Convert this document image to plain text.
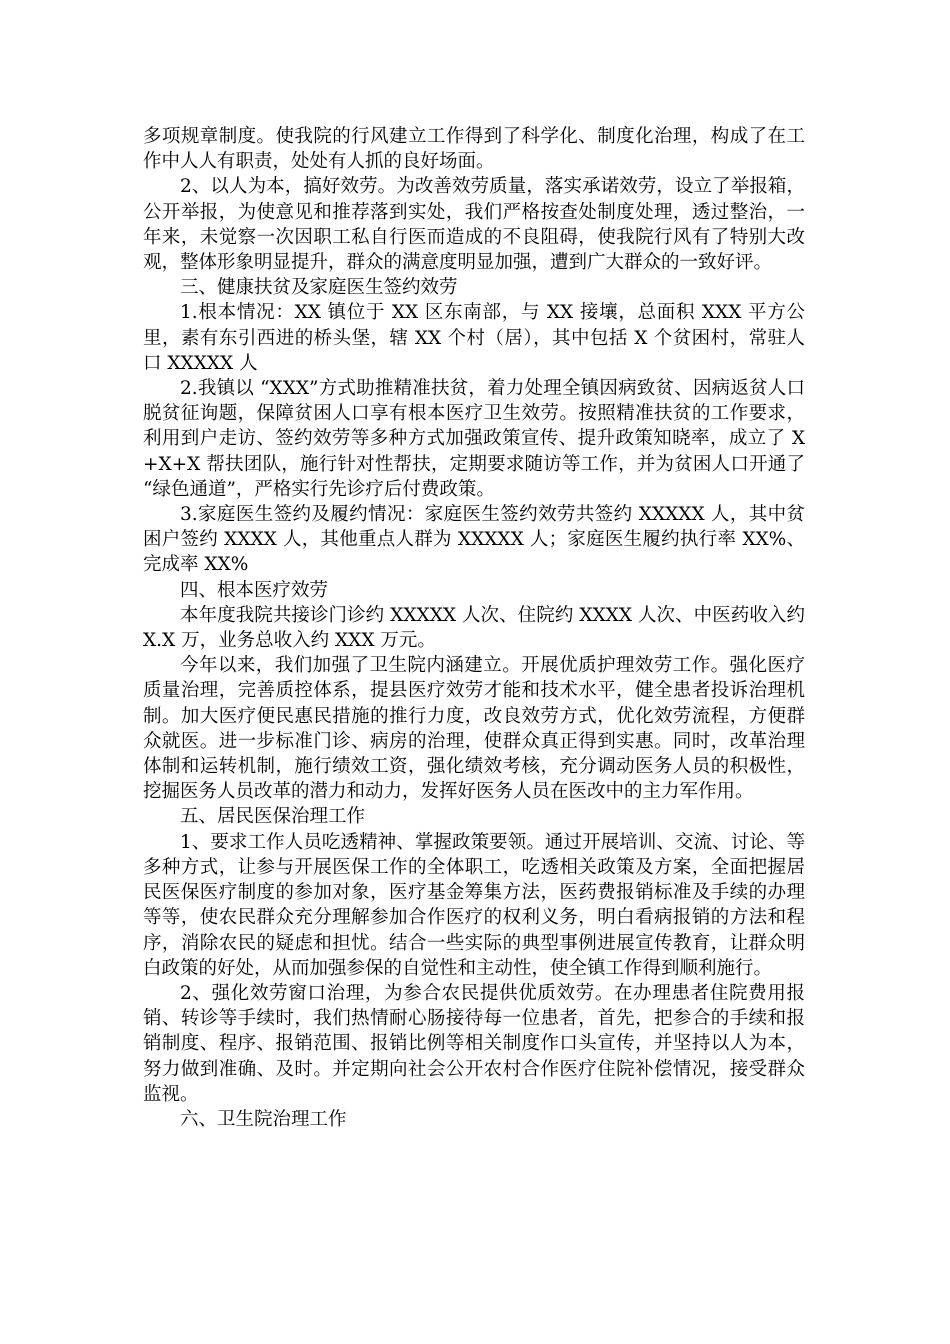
多项规章制度。使我院的行风建立工作得到了科学化、制度化治理，构成了在工作中人人有职责，处处有人抓的良好场面。

2、以人为本，搞好效劳。为改善效劳质量，落实承诺效劳，设立了举报箱，公开举报，为使意见和推荐落到实处，我们严格按查处制度处理，透过整治，一年来，未觉察一次因职工私自行医而造成的不良阻碍，使我院行风有了特别大改观，整体形象明显提升，群众的满意度明显加强，遭到广大群众的一致好评。

三、健康扶贫及家庭医生签约效劳

1.根本情况：XX 镇位于 XX 区东南部，与 XX 接壤，总面积 XXX 平方公里，素有东引西进的桥头堡，辖 XX 个村（居），其中包括 X 个贫困村，常驻人口 XXXXX 人

2.我镇以 “XXX”方式助推精准扶贫，着力处理全镇因病致贫、因病返贫人口脱贫征询题，保障贫困人口享有根本医疗卫生效劳。按照精准扶贫的工作要求，利用到户走访、签约效劳等多种方式加强政策宣传、提升政策知晓率，成立了 X+X+X 帮扶团队，施行针对性帮扶，定期要求随访等工作，并为贫困人口开通了 “绿色通道”，严格实行先诊疗后付费政策。

3.家庭医生签约及履约情况：家庭医生签约效劳共签约 XXXXX 人，其中贫困户签约 XXXX 人，其他重点人群为 XXXXX 人；家庭医生履约执行率 XX%、完成率 XX%

四、根本医疗效劳

本年度我院共接诊门诊约 XXXXX 人次、住院约 XXXX 人次、中医药收入约 X.X 万，业务总收入约 XXX 万元。

今年以来，我们加强了卫生院内涵建立。开展优质护理效劳工作。强化医疗质量治理，完善质控体系，提县医疗效劳才能和技术水平，健全患者投诉治理机制。加大医疗便民惠民措施的推行力度，改良效劳方式，优化效劳流程，方便群众就医。进一步标准门诊、病房的治理，使群众真正得到实惠。同时，改革治理体制和运转机制，施行绩效工资，强化绩效考核，充分调动医务人员的积极性，挖掘医务人员改革的潜力和动力，发挥好医务人员在医改中的主力军作用。

五、居民医保治理工作

1、要求工作人员吃透精神、掌握政策要领。通过开展培训、交流、讨论、等多种方式，让参与开展医保工作的全体职工，吃透相关政策及方案，全面把握居民医保医疗制度的参加对象，医疗基金筹集方法，医药费报销标准及手续的办理等等，使农民群众充分理解参加合作医疗的权利义务，明白看病报销的方法和程序，消除农民的疑虑和担忧。结合一些实际的典型事例进展宣传教育，让群众明白政策的好处，从而加强参保的自觉性和主动性，使全镇工作得到顺利施行。

2、强化效劳窗口治理，为参合农民提供优质效劳。在办理患者住院费用报销、转诊等手续时，我们热情耐心肠接待每一位患者，首先，把参合的手续和报销制度、程序、报销范围、报销比例等相关制度作口头宣传，并坚持以人为本，努力做到准确、及时。并定期向社会公开农村合作医疗住院补偿情况，接受群众监视。

六、卫生院治理工作
